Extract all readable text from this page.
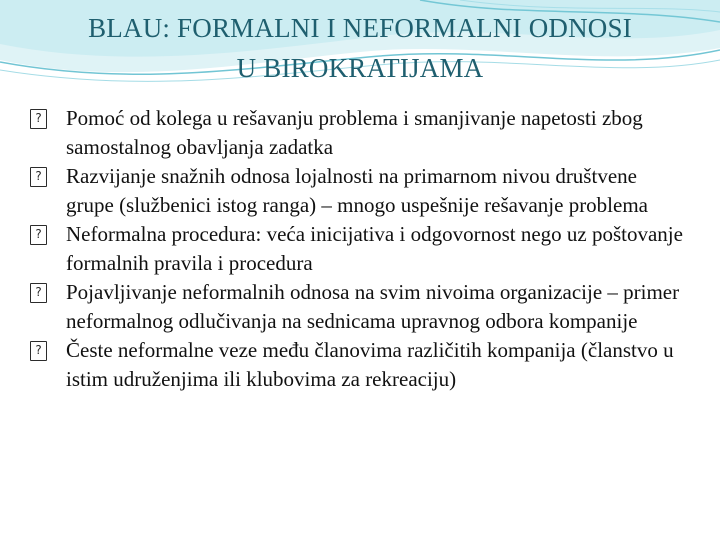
BLAU: FORMALNI I NEFORMALNI ODNOSI
U BIROKRATIJAMA
?
Pomoć od kolega u rešavanju problema i smanjivanje napetosti zbog samostalnog obavljanja zadatka
?
Razvijanje snažnih odnosa lojalnosti na primarnom nivou društvene grupe (službenici istog ranga) – mnogo uspešnije rešavanje problema
?
Neformalna procedura: veća inicijativa i odgovornost nego uz poštovanje formalnih pravila i procedura
?
Pojavljivanje neformalnih odnosa na svim nivoima organizacije – primer neformalnog odlučivanja na sednicama upravnog odbora kompanije
?
Česte neformalne veze među članovima različitih kompanija (članstvo u istim udruženjima ili klubovima za rekreaciju)
